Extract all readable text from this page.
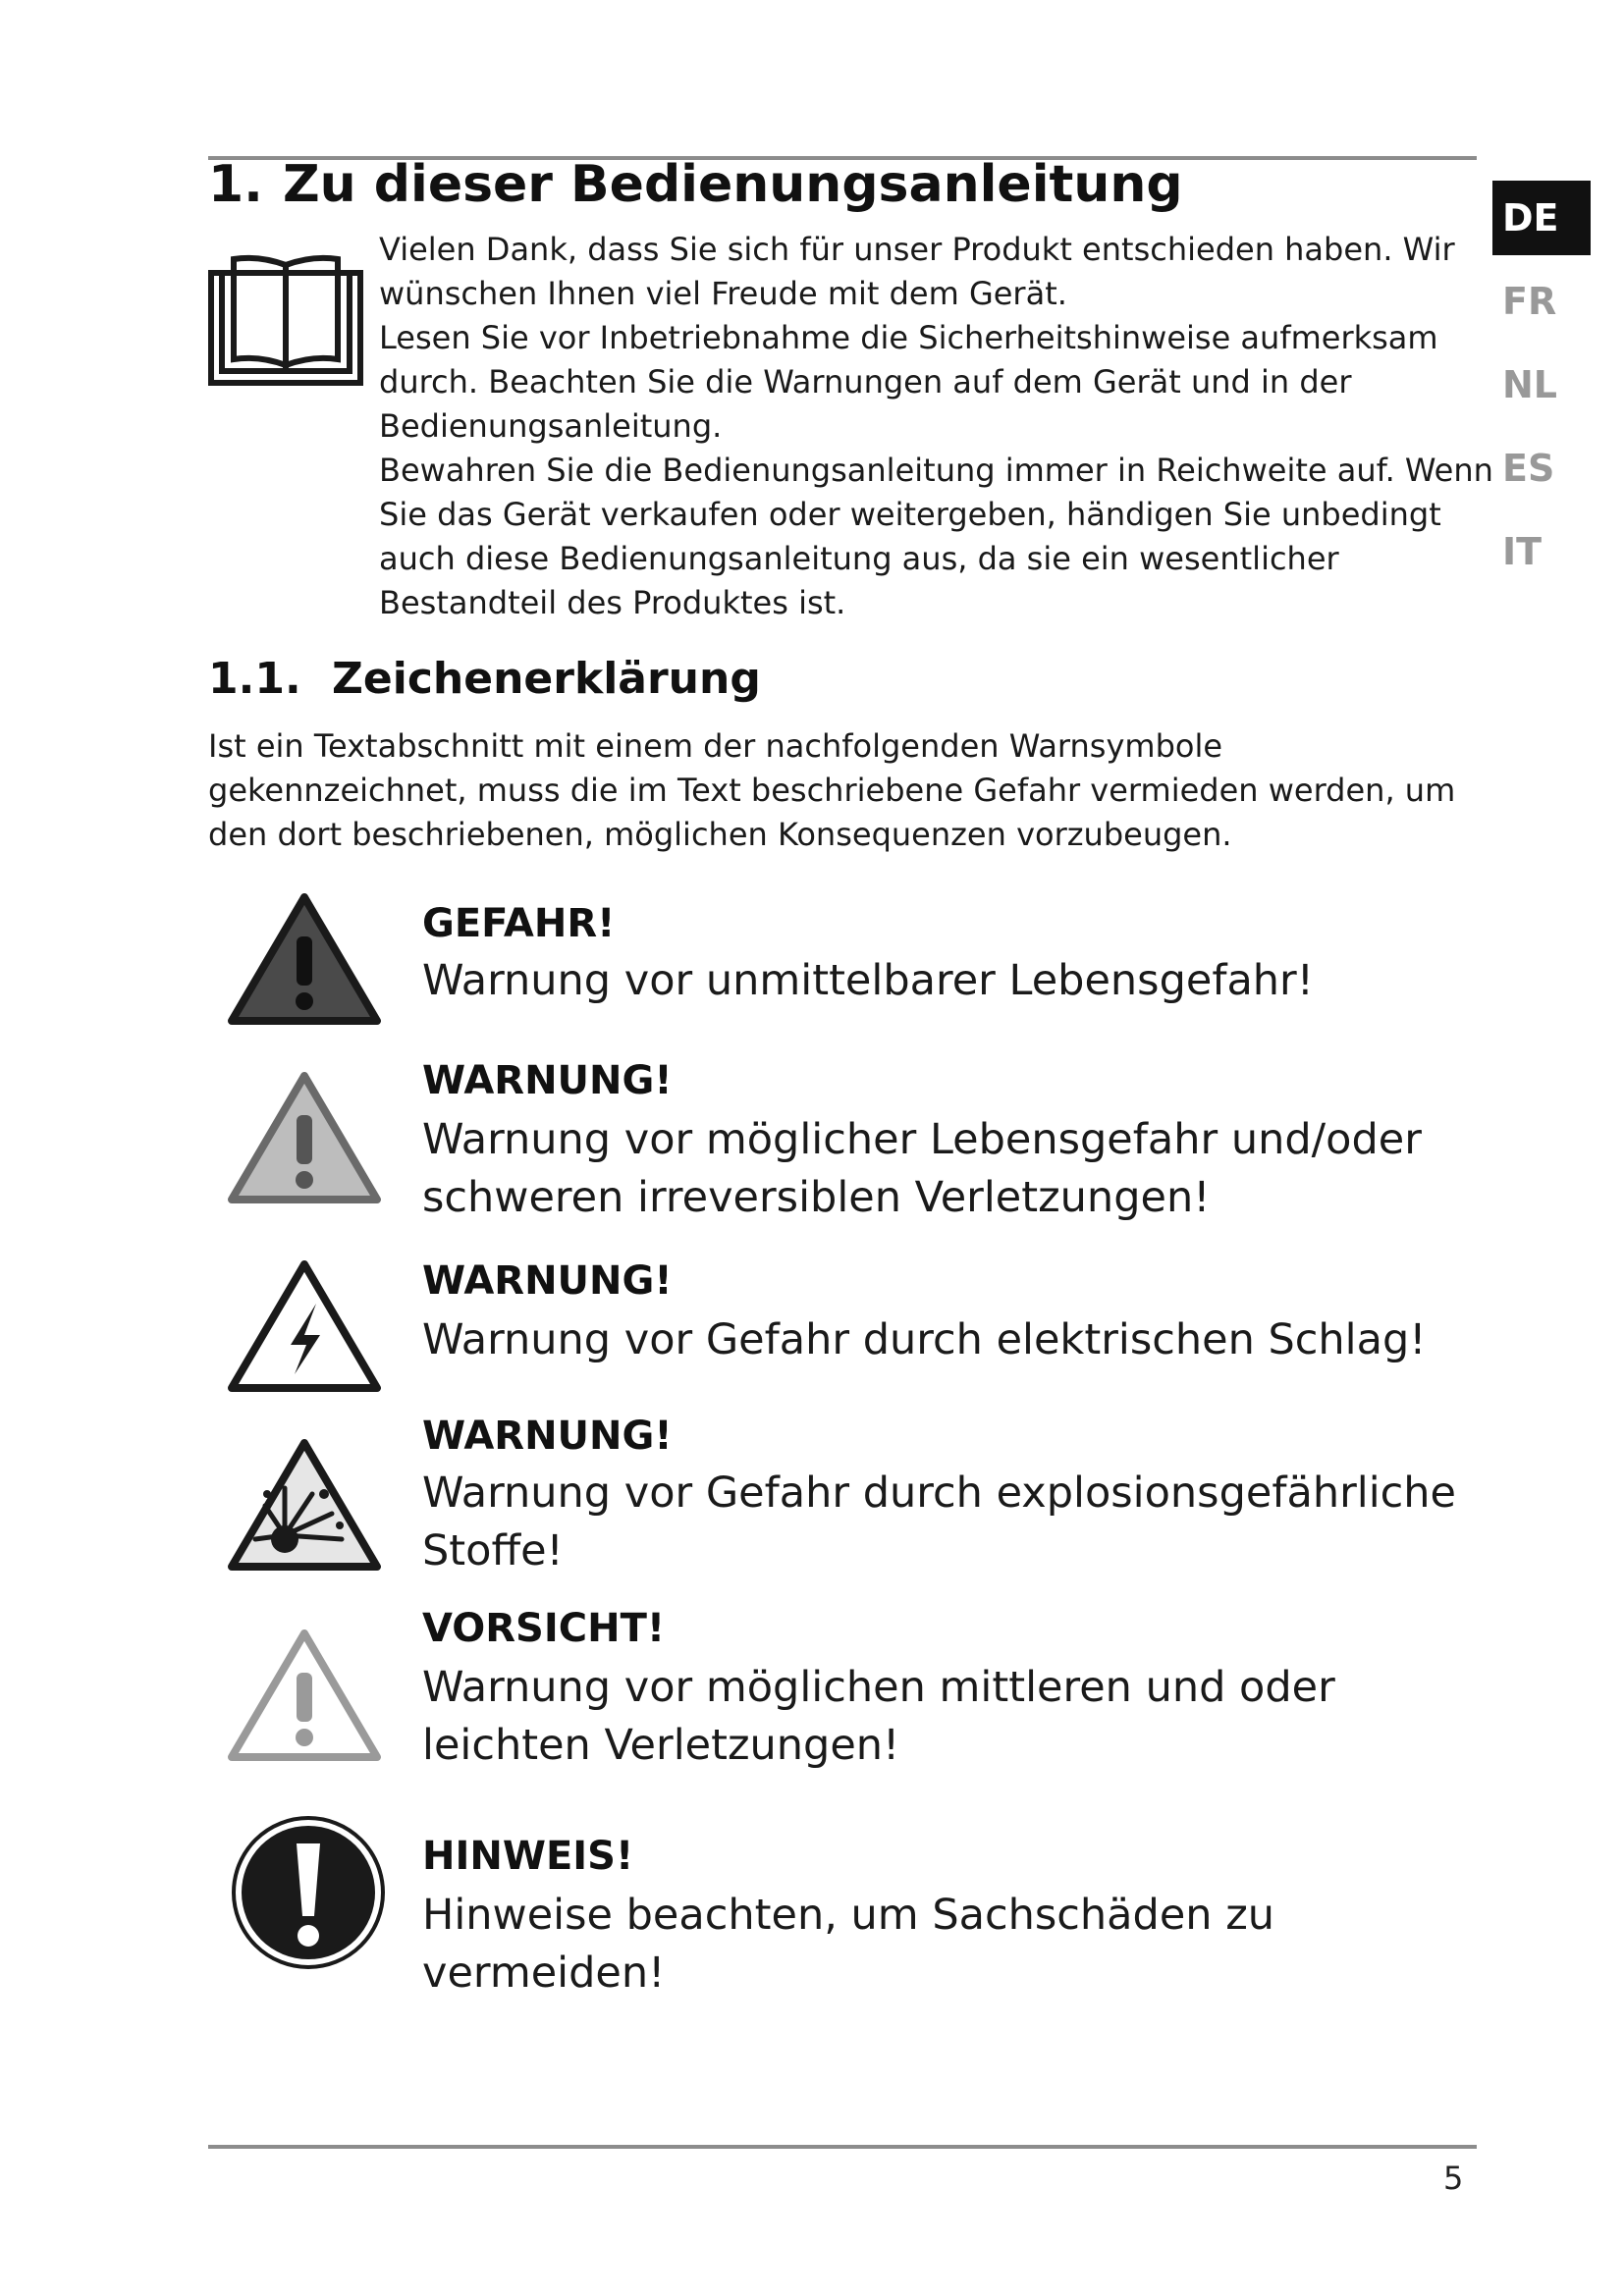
1. Zu dieser Bedienungsanleitung

Vielen Dank, dass Sie sich für unser Produkt entschieden haben. Wir wünschen Ihnen viel Freude mit dem Gerät.

Lesen Sie vor Inbetriebnahme die Sicherheitshinweise aufmerksam durch. Beachten Sie die Warnungen auf dem Gerät und in der Bedienungsanleitung.

Bewahren Sie die Bedienungsanleitung immer in Reichweite auf. Wenn Sie das Gerät verkaufen oder weitergeben, händigen Sie unbedingt auch diese Bedienungsanleitung aus, da sie ein wesentlicher Bestandteil des Produktes ist.

1.1. Zeichenerklärung
Ist ein Textabschnitt mit einem der nachfolgenden Warnsymbole gekennzeichnet, muss die im Text beschriebene Gefahr vermieden werden, um den dort beschriebenen, möglichen Konsequenzen vorzubeugen.
GEFAHR!
Warnung vor unmittelbarer Lebensgefahr!
WARNUNG!
Warnung vor möglicher Lebensgefahr und/oder schweren irreversiblen Verletzungen!
WARNUNG!
Warnung vor Gefahr durch elektrischen Schlag!
WARNUNG!
Warnung vor Gefahr durch explosionsgefährliche Stoffe!
VORSICHT!
Warnung vor möglichen mittleren und oder leichten Verletzungen!
HINWEIS!
Hinweise beachten, um Sachschäden zu vermeiden!
DE
FR
NL
ES
IT
5
